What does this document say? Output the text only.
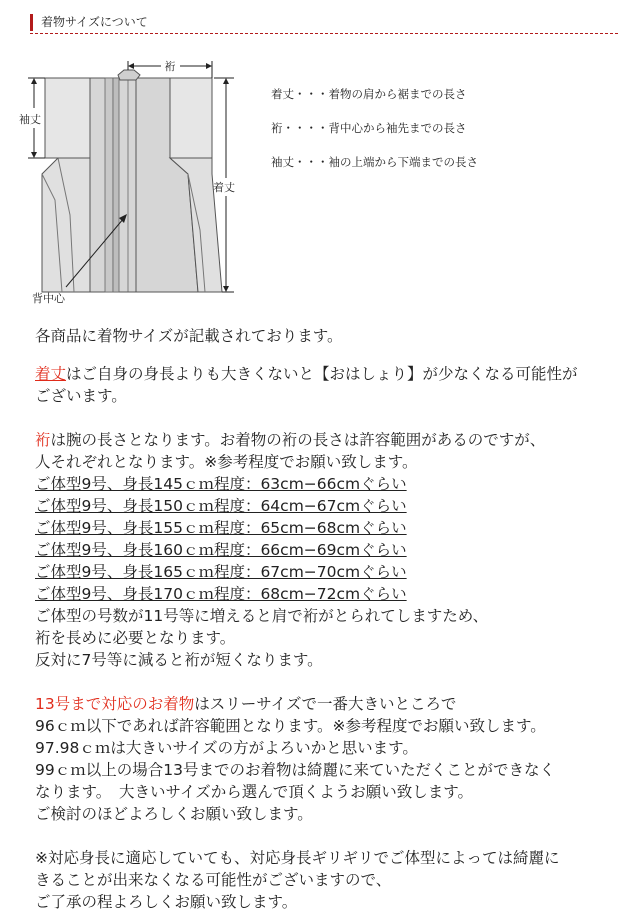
着物サイズについて
裄
袖丈
着丈
背中心
着丈・・・着物の肩から裾までの長さ
裄・・・・背中心から袖先までの長さ
袖丈・・・袖の上端から下端までの長さ

各商品に着物サイズが記載されております。

着丈はご自身の身長よりも大きくないと【おはしょり】が少なくなる可能性が

ございます。

裄は腕の長さとなります。お着物の裄の長さは許容範囲があるのですが、

人それぞれとなります。※参考程度でお願い致します。

ご体型9号、身長145ｃｍ程度：63cm−66cmぐらい

ご体型9号、身長150ｃｍ程度：64cm−67cmぐらい

ご体型9号、身長155ｃｍ程度：65cm−68cmぐらい

ご体型9号、身長160ｃｍ程度：66cm−69cmぐらい

ご体型9号、身長165ｃｍ程度：67cm−70cmぐらい

ご体型9号、身長170ｃｍ程度：68cm−72cmぐらい

ご体型の号数が11号等に増えると肩で裄がとられてしますため、

裄を長めに必要となります。

反対に7号等に減ると裄が短くなります。

13号まで対応のお着物はスリーサイズで一番大きいところで

96ｃｍ以下であれば許容範囲となります。※参考程度でお願い致します。

97.98ｃｍは大きいサイズの方がよろいかと思います。

99ｃｍ以上の場合13号までのお着物は綺麗に来ていただくことができなく

なります。　大きいサイズから選んで頂くようお願い致します。

ご検討のほどよろしくお願い致します。

※対応身長に適応していても、対応身長ギリギリでご体型によっては綺麗に

きることが出来なくなる可能性がございますので、

ご了承の程よろしくお願い致します。
